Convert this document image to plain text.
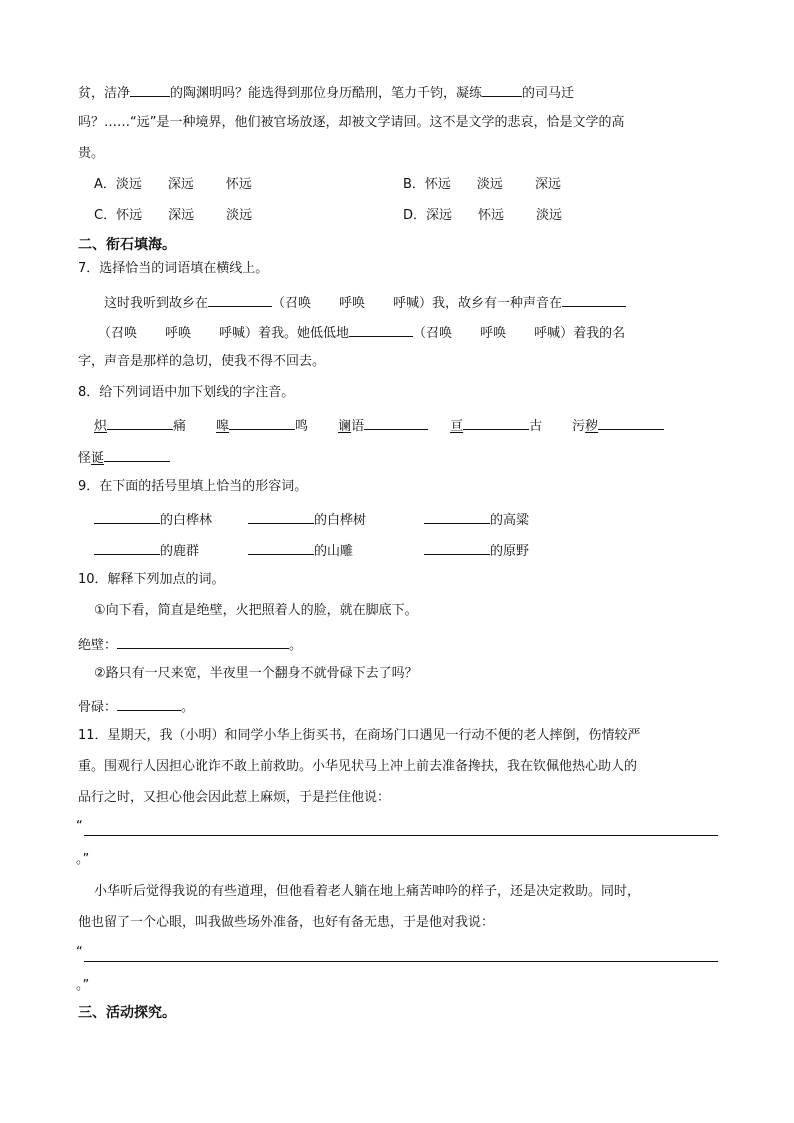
贫，洁净	的陶渊明吗？能选得到那位身历酷刑，笔力千钧，凝练	的司马迁
吗？……“远”是一种境界，他们被官场放逐，却被文学请回。这不是文学的悲哀，恰是文学的高
贵。
A．淡远 深远 怀远	B．怀远 淡远 深远
C．怀远 深远 淡远	D．深远 怀远 淡远
二、衔石填海。
7．选择恰当的词语填在横线上。
这时我听到故乡在	（召唤 呼唤 呼喊）我，故乡有一种声音在
（召唤 呼唤 呼喊）着我。她低低地	（召唤 呼唤 呼喊）着我的名
字，声音是那样的急切，使我不得不回去。
8．给下列词语中加下划线的字注音。
炽	痛 嗥	鸣 谰语	亘	古 污秽
怪诞
9．在下面的括号里填上恰当的形容词。
的白桦林	的白桦树	的高粱
的鹿群	的山雕	的原野
10．解释下列加点的词。
①向下看，简直是绝壁，火把照着人的脸，就在脚底下。
绝壁：	。
②路只有一尺来宽，半夜里一个翻身不就骨碌下去了吗？
骨碌：	。
11．星期天，我（小明）和同学小华上街买书，在商场门口遇见一行动不便的老人摔倒，伤情较严
重。围观行人因担心讹诈不敢上前救助。小华见状马上冲上前去准备搀扶，我在钦佩他热心助人的
品行之时，又担心他会因此惹上麻烦，于是拦住他说：
“
。”
小华听后觉得我说的有些道理，但他看着老人躺在地上痛苦呻吟的样子，还是决定救助。同时，
他也留了一个心眼，叫我做些场外准备，也好有备无患，于是他对我说：
“
。”
三、活动探究。
